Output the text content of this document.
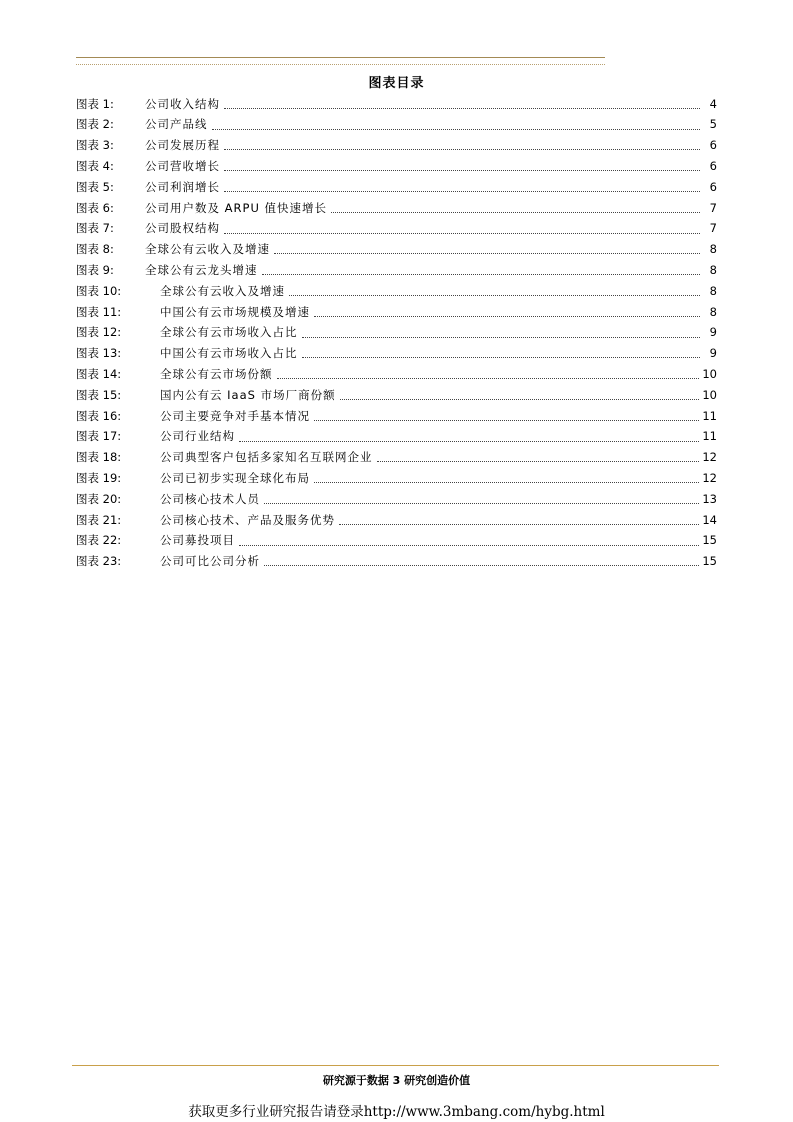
图表目录
图表 1:	公司收入结构	4
图表 2:	公司产品线	5
图表 3:	公司发展历程	6
图表 4:	公司营收增长	6
图表 5:	公司利润增长	6
图表 6:	公司用户数及 ARPU 值快速增长	7
图表 7:	公司股权结构	7
图表 8:	全球公有云收入及增速	8
图表 9:	全球公有云龙头增速	8
图表 10:	全球公有云收入及增速	8
图表 11:	中国公有云市场规模及增速	8
图表 12:	全球公有云市场收入占比	9
图表 13:	中国公有云市场收入占比	9
图表 14:	全球公有云市场份额	10
图表 15:	国内公有云 IaaS 市场厂商份额	10
图表 16:	公司主要竞争对手基本情况	11
图表 17:	公司行业结构	11
图表 18:	公司典型客户包括多家知名互联网企业	12
图表 19:	公司已初步实现全球化布局	12
图表 20:	公司核心技术人员	13
图表 21:	公司核心技术、产品及服务优势	14
图表 22:	公司募投项目	15
图表 23:	公司可比公司分析	15
研究源于数据 3 研究创造价值
获取更多行业研究报告请登录http://www.3mbang.com/hybg.html
